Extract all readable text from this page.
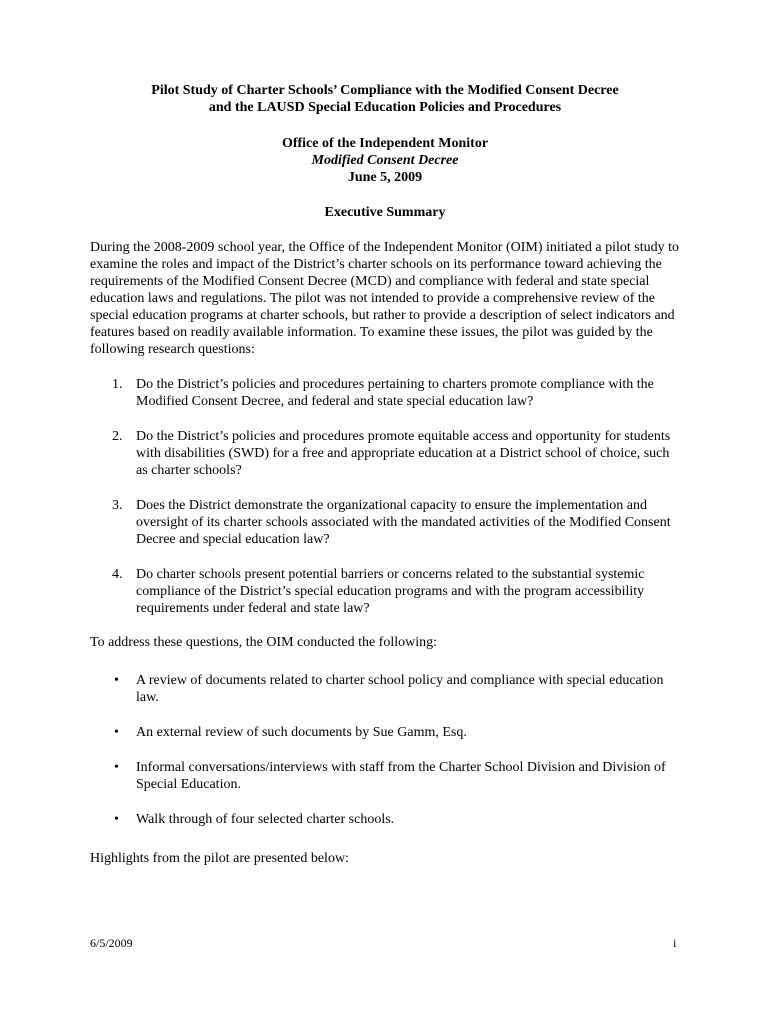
Pilot Study of Charter Schools’ Compliance with the Modified Consent Decree
and the LAUSD Special Education Policies and Procedures
Office of the Independent Monitor
Modified Consent Decree
June 5, 2009
Executive Summary

During the 2008-2009 school year, the Office of the Independent Monitor (OIM) initiated a pilot study to examine the roles and impact of the District’s charter schools on its performance toward achieving the requirements of the Modified Consent Decree (MCD) and compliance with federal and state special education laws and regulations. The pilot was not intended to provide a comprehensive review of the special education programs at charter schools, but rather to provide a description of select indicators and features based on readily available information. To examine these issues, the pilot was guided by the following research questions:

1. Do the District’s policies and procedures pertaining to charters promote compliance with the Modified Consent Decree, and federal and state special education law?
2. Do the District’s policies and procedures promote equitable access and opportunity for students with disabilities (SWD) for a free and appropriate education at a District school of choice, such as charter schools?
3. Does the District demonstrate the organizational capacity to ensure the implementation and oversight of its charter schools associated with the mandated activities of the Modified Consent Decree and special education law?
4. Do charter schools present potential barriers or concerns related to the substantial systemic compliance of the District’s special education programs and with the program accessibility requirements under federal and state law?

To address these questions, the OIM conducted the following:

• A review of documents related to charter school policy and compliance with special education law.
• An external review of such documents by Sue Gamm, Esq.
• Informal conversations/interviews with staff from the Charter School Division and Division of Special Education.
• Walk through of four selected charter schools.

Highlights from the pilot are presented below:

6/5/2009	i
